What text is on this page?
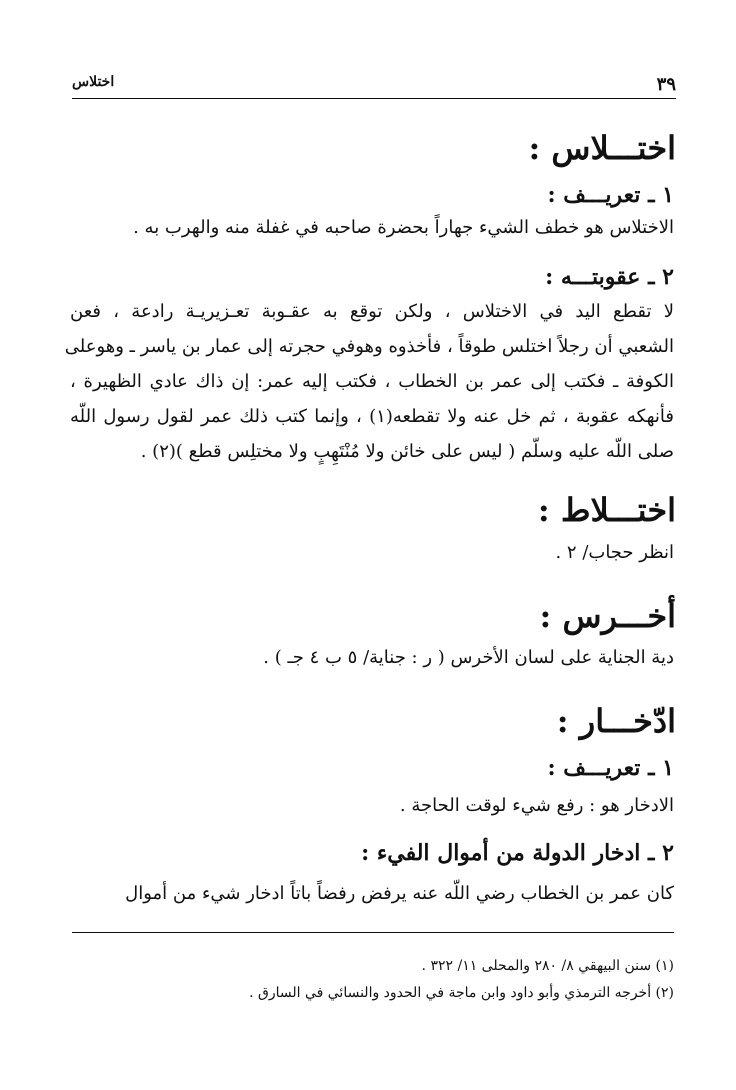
٣٩
اختلاس
اختـــلاس :
١ ـ تعريـــف :
الاختلاس هو خطف الشيء جهاراً بحضرة صاحبه في غفلة منه والهرب به .
٢ ـ عقوبتـــه :
لا تقطع اليد في الاختلاس ، ولكن توقع به عقـوبة تعـزيريـة رادعة ، فعن
الشعبي أن رجلاً اختلس طوقاً ، فأخذوه وهوفي حجرته إلى عمار بن ياسر ـ وهوعلى
الكوفة ـ فكتب إلى عمر بن الخطاب ، فكتب إليه عمر: إن ذاك عادي الظهيرة ،
فأنهكه عقوبة ، ثم خل عنه ولا تقطعه(١) ، وإنما كتب ذلك عمر لقول رسول اللّه
صلى اللّه عليه وسلّم ( ليس على خائن ولا مُنْتَهِبٍ ولا مختلِس قطع )(٢) .
اختـــلاط :
انظر حجاب/ ٢ .
أخـــرس :
دية الجناية على لسان الأخرس ( ر : جناية/ ٥ ب ٤ جـ ) .
ادّخـــار :
١ ـ تعريـــف :
الادخار هو : رفع شيء لوقت الحاجة .
٢ ـ ادخار الدولة من أموال الفيء :
كان عمر بن الخطاب رضي اللّه عنه يرفض رفضاً باتاً ادخار شيء من أموال
(١) سنن البيهقي ٨/ ٢٨٠ والمحلى ١١/ ٣٢٢ .
(٢) أخرجه الترمذي وأبو داود وابن ماجة في الحدود والنسائي في السارق .
